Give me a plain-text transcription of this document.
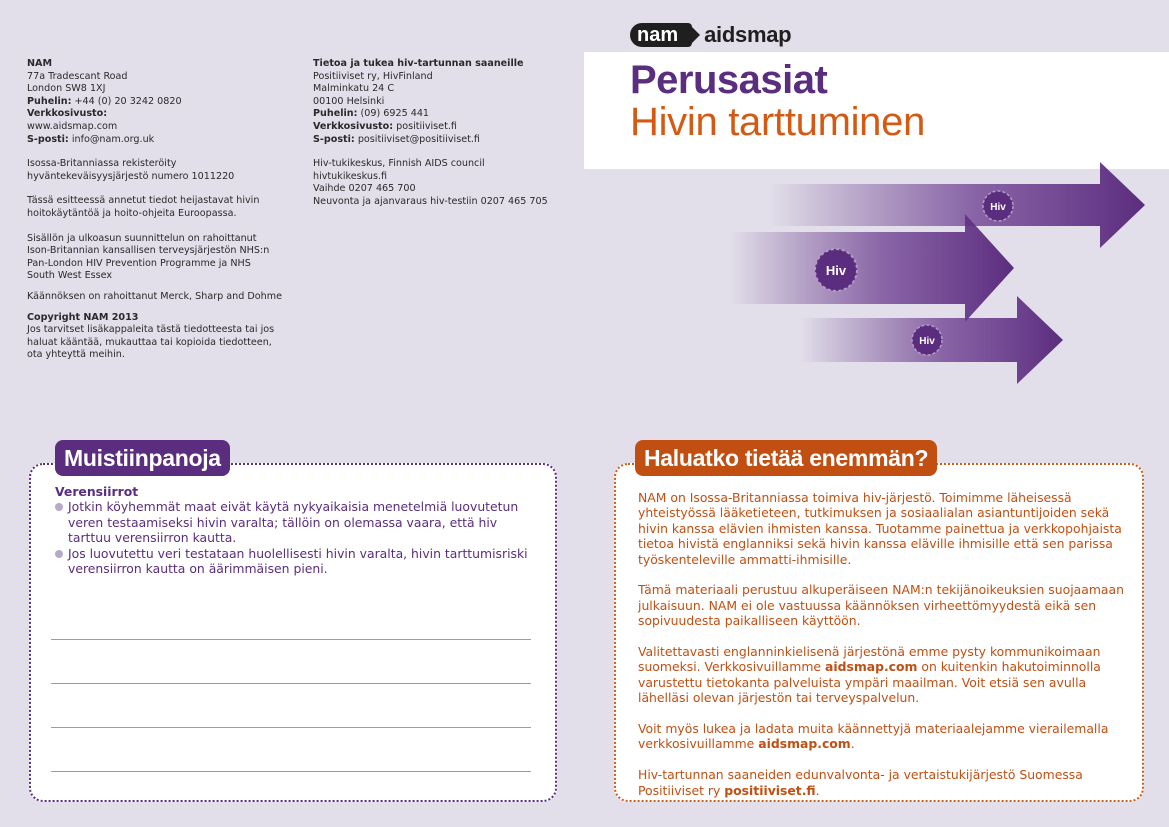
NAM

77a Tradescant Road

London SW8 1XJ

Puhelin: +44 (0) 20 3242 0820

Verkkosivusto:

www.aidsmap.com

S-posti: info@nam.org.uk

Isossa-Britanniassa rekisteröity

hyväntekeväisyysjärjestö numero 1011220

Tässä esitteessä annetut tiedot heijastavat hivin

hoitokäytäntöä ja hoito-ohjeita Euroopassa.

Sisällön ja ulkoasun suunnittelun on rahoittanut

Ison-Britannian kansallisen terveysjärjestön NHS:n

Pan-London HIV Prevention Programme ja NHS

South West Essex

Käännöksen on rahoittanut Merck, Sharp and Dohme

Copyright NAM 2013

Jos tarvitset lisäkappaleita tästä tiedotteesta tai jos

haluat kääntää, mukauttaa tai kopioida tiedotteen,

ota yhteyttä meihin.

Tietoa ja tukea hiv-tartunnan saaneille

Positiiviset ry, HivFinland

Malminkatu 24 C

00100 Helsinki

Puhelin: (09) 6925 441

Verkkosivusto: positiiviset.fi

S-posti: positiiviset@positiiviset.fi

Hiv-tukikeskus, Finnish AIDS council

hivtukikeskus.fi

Vaihde 0207 465 700

Neuvonta ja ajanvaraus hiv-testiin 0207 465 705

nam	aidsmap
Perusasiat
Hivin tarttuminen
Hiv
Hiv
Hiv
Muistiinpanoja
Verensiirrot
Jotkin köyhemmät maat eivät käytä nykyaikaisia menetelmiä luovutetun veren testaamiseksi hivin varalta; tällöin on olemassa vaara, että hiv tarttuu verensiirron kautta.
Jos luovutettu veri testataan huolellisesti hivin varalta, hivin tarttumisriski verensiirron kautta on äärimmäisen pieni.
Haluatko tietää enemmän?

NAM on Isossa-Britanniassa toimiva hiv-järjestö. Toimimme läheisessä yhteistyössä lääketieteen, tutkimuksen ja sosiaalialan asiantuntijoiden sekä hivin kanssa elävien ihmisten kanssa. Tuotamme painettua ja verkkopohjaista tietoa hivistä englanniksi sekä hivin kanssa eläville ihmisille että sen parissa työskenteleville ammatti-ihmisille.

Tämä materiaali perustuu alkuperäiseen NAM:n tekijänoikeuksien suojaamaan julkaisuun. NAM ei ole vastuussa käännöksen virheettömyydestä eikä sen sopivuudesta paikalliseen käyttöön.

Valitettavasti englanninkielisenä järjestönä emme pysty kommunikoimaan suomeksi. Verkkosivuillamme aidsmap.com on kuitenkin hakutoiminnolla varustettu tietokanta palveluista ympäri maailman. Voit etsiä sen avulla lähelläsi olevan järjestön tai terveyspalvelun.

Voit myös lukea ja ladata muita käännettyjä materiaalejamme vierailemalla verkkosivuillamme aidsmap.com.

Hiv-tartunnan saaneiden edunvalvonta- ja vertaistukijärjestö Suomessa Positiiviset ry positiiviset.fi.
